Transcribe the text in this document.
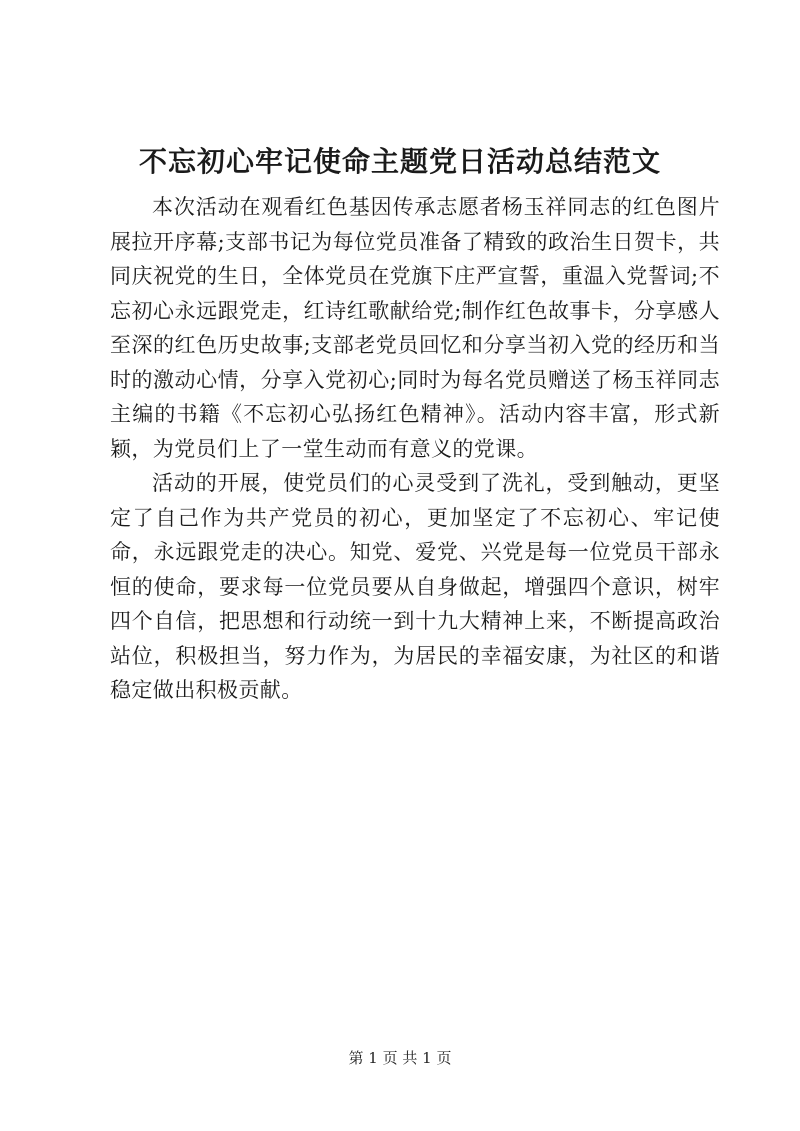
不忘初心牢记使命主题党日活动总结范文

本次活动在观看红色基因传承志愿者杨玉祥同志的红色图片展拉开序幕;支部书记为每位党员准备了精致的政治生日贺卡，共同庆祝党的生日，全体党员在党旗下庄严宣誓，重温入党誓词;不忘初心永远跟党走，红诗红歌献给党;制作红色故事卡，分享感人至深的红色历史故事;支部老党员回忆和分享当初入党的经历和当时的激动心情，分享入党初心;同时为每名党员赠送了杨玉祥同志主编的书籍《不忘初心弘扬红色精神》。活动内容丰富，形式新颖，为党员们上了一堂生动而有意义的党课。

活动的开展，使党员们的心灵受到了洗礼，受到触动，更坚定了自己作为共产党员的初心，更加坚定了不忘初心、牢记使命，永远跟党走的决心。知党、爱党、兴党是每一位党员干部永恒的使命，要求每一位党员要从自身做起，增强四个意识，树牢四个自信，把思想和行动统一到十九大精神上来，不断提高政治站位，积极担当，努力作为，为居民的幸福安康，为社区的和谐稳定做出积极贡献。

第 1 页 共 1 页
